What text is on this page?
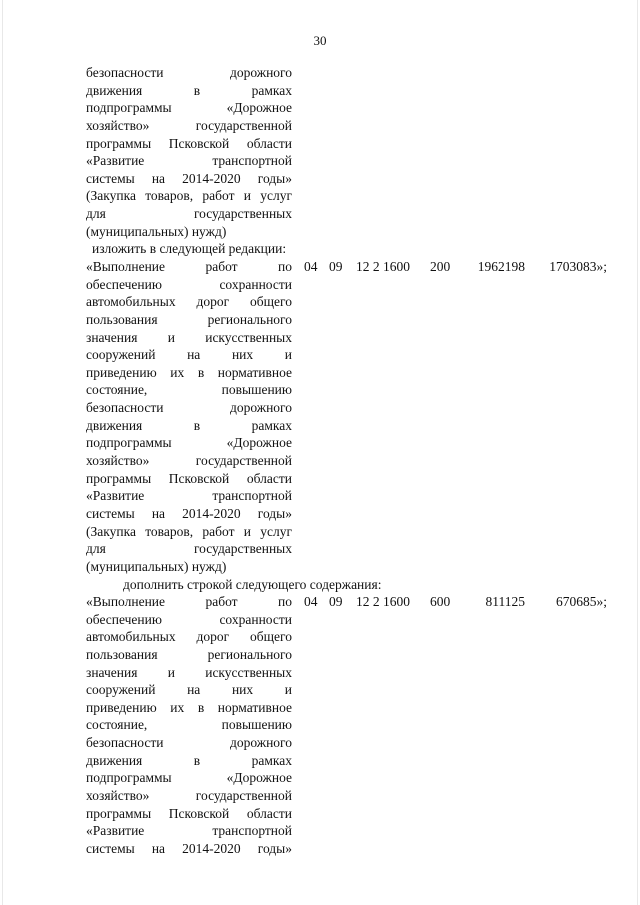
30
безопасности дорожного
движения в рамках
подпрограммы «Дорожное
хозяйство» государственной
программы Псковской области
«Развитие транспортной
системы на 2014-2020 годы»
(Закупка товаров, работ и услуг
для государственных
(муниципальных) нужд)
изложить в следующей редакции:
«Выполнение работ по
обеспечению сохранности
автомобильных дорог общего
пользования регионального
значения и искусственных
сооружений на них и
приведению их в нормативное
состояние, повышению
безопасности дорожного
движения в рамках
подпрограммы «Дорожное
хозяйство» государственной
программы Псковской области
«Развитие транспортной
системы на 2014-2020 годы»
(Закупка товаров, работ и услуг
для государственных
(муниципальных) нужд)
04 09 12 2 1600 200	1962198	1703083»;
дополнить строкой следующего содержания:
«Выполнение работ по
обеспечению сохранности
автомобильных дорог общего
пользования регионального
значения и искусственных
сооружений на них и
приведению их в нормативное
состояние, повышению
безопасности дорожного
движения в рамках
подпрограммы «Дорожное
хозяйство» государственной
программы Псковской области
«Развитие транспортной
системы на 2014-2020 годы»
04 09 12 2 1600 600	811125	670685»;
